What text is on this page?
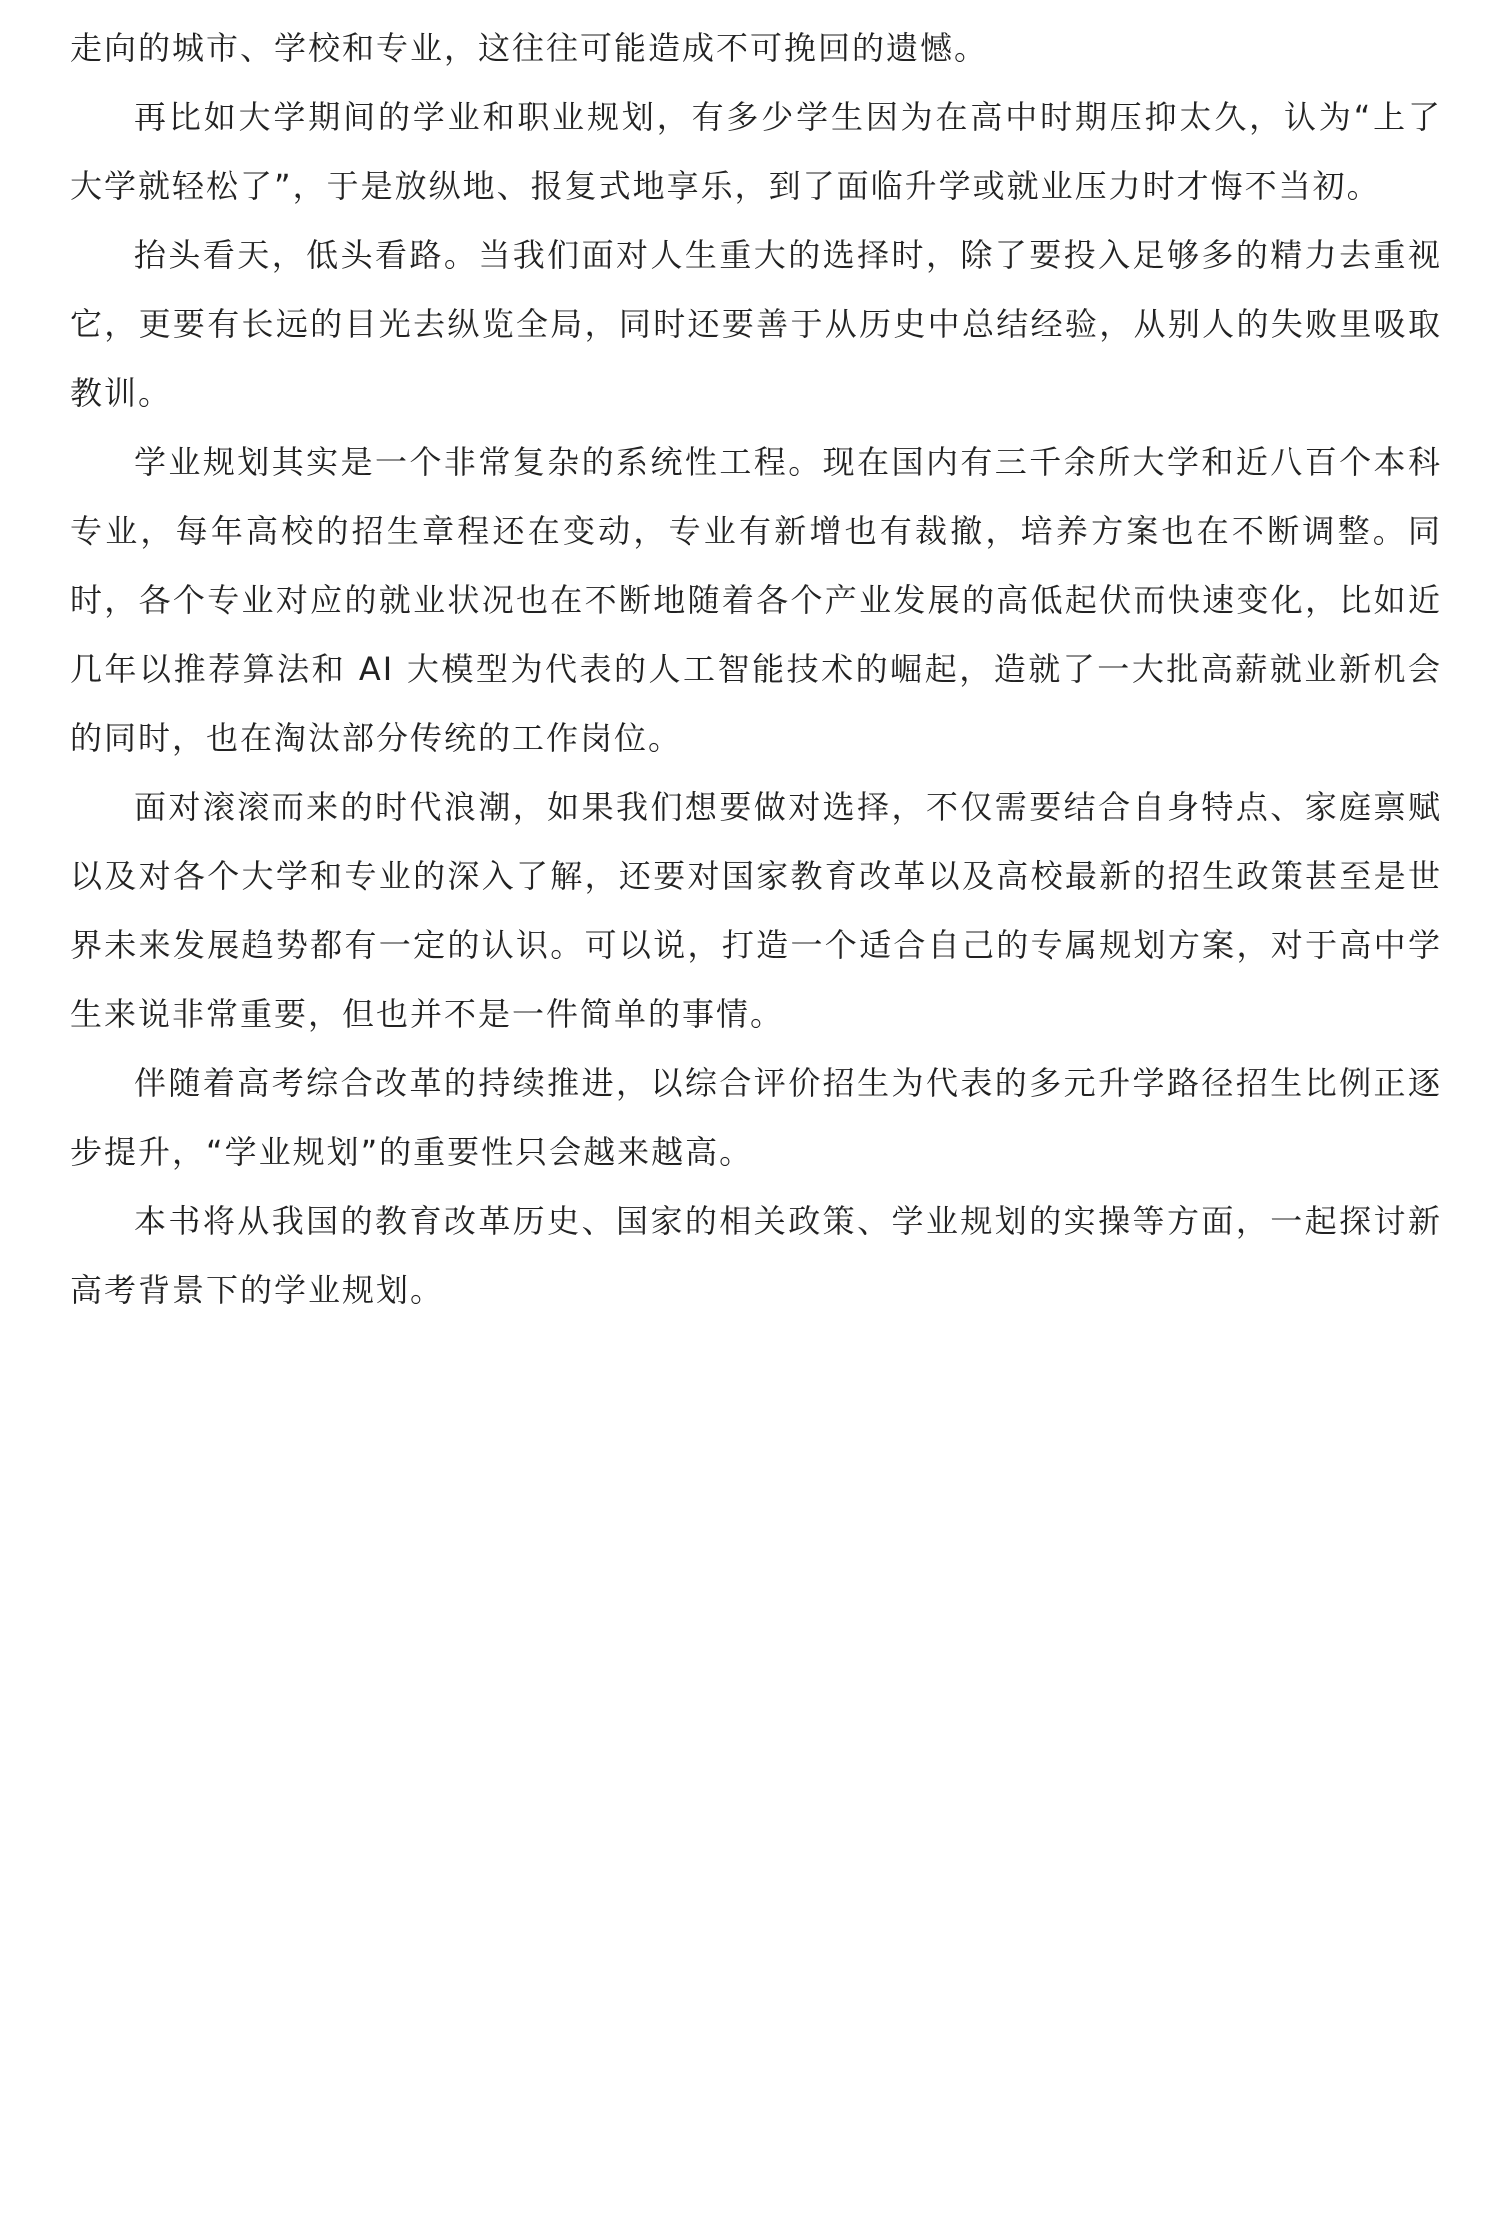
走向的城市、学校和专业，这往往可能造成不可挽回的遗憾。

再比如大学期间的学业和职业规划，有多少学生因为在高中时期压抑太久，认为“上了大学就轻松了”，于是放纵地、报复式地享乐，到了面临升学或就业压力时才悔不当初。

抬头看天，低头看路。当我们面对人生重大的选择时，除了要投入足够多的精力去重视它，更要有长远的目光去纵览全局，同时还要善于从历史中总结经验，从别人的失败里吸取教训。

学业规划其实是一个非常复杂的系统性工程。现在国内有三千余所大学和近八百个本科专业，每年高校的招生章程还在变动，专业有新增也有裁撤，培养方案也在不断调整。同时，各个专业对应的就业状况也在不断地随着各个产业发展的高低起伏而快速变化，比如近几年以推荐算法和 AI 大模型为代表的人工智能技术的崛起，造就了一大批高薪就业新机会的同时，也在淘汰部分传统的工作岗位。

面对滚滚而来的时代浪潮，如果我们想要做对选择，不仅需要结合自身特点、家庭禀赋以及对各个大学和专业的深入了解，还要对国家教育改革以及高校最新的招生政策甚至是世界未来发展趋势都有一定的认识。可以说，打造一个适合自己的专属规划方案，对于高中学生来说非常重要，但也并不是一件简单的事情。

伴随着高考综合改革的持续推进，以综合评价招生为代表的多元升学路径招生比例正逐步提升，“学业规划”的重要性只会越来越高。

本书将从我国的教育改革历史、国家的相关政策、学业规划的实操等方面，一起探讨新高考背景下的学业规划。
